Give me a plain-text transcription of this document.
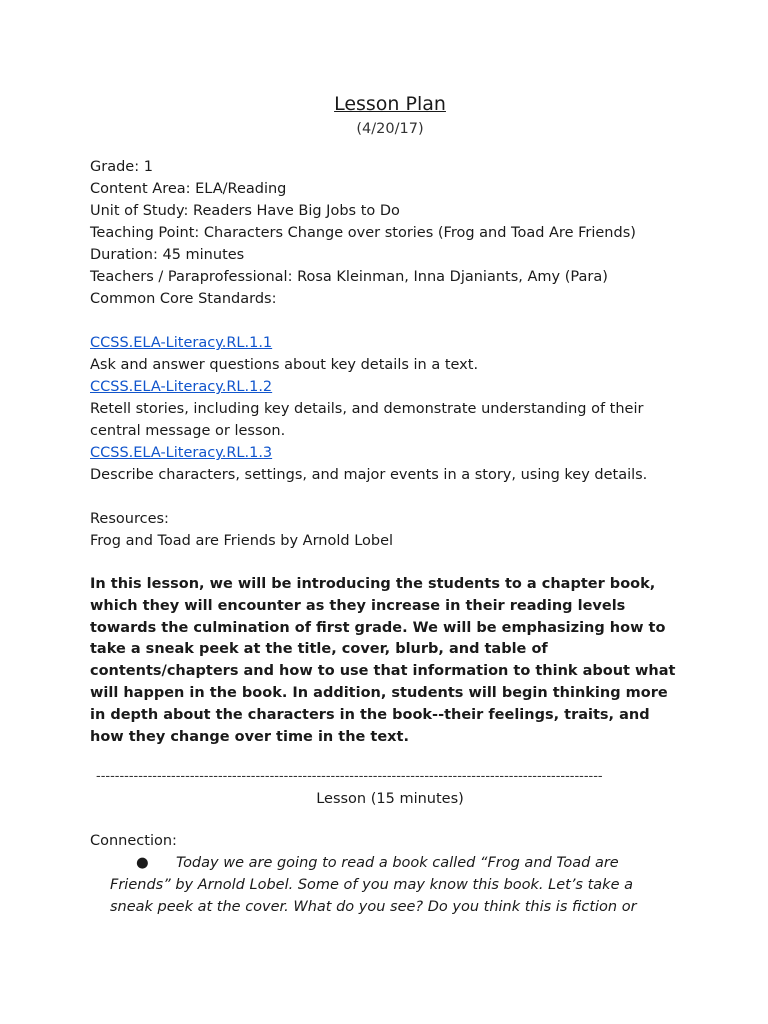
Lesson Plan

(4/20/17)

Grade: 1

Content Area: ELA/Reading

Unit of Study: Readers Have Big Jobs to Do

Teaching Point: Characters Change over stories (Frog and Toad Are Friends)

Duration: 45 minutes

Teachers / Paraprofessional: Rosa Kleinman, Inna Djaniants, Amy (Para)

Common Core Standards:

CCSS.ELA-Literacy.RL.1.1

Ask and answer questions about key details in a text.

CCSS.ELA-Literacy.RL.1.2

Retell stories, including key details, and demonstrate understanding of their central message or lesson.

CCSS.ELA-Literacy.RL.1.3

Describe characters, settings, and major events in a story, using key details.

Resources:

Frog and Toad are Friends by Arnold Lobel

In this lesson, we will be introducing the students to a chapter book, which they will encounter as they increase in their reading levels towards the culmination of first grade. We will be emphasizing how to take a sneak peek at the title, cover, blurb, and table of contents/chapters and how to use that information to think about what will happen in the book. In addition, students will begin thinking more in depth about the characters in the book--their feelings, traits, and how they change over time in the text.

------------------------------------------------------------------------------------------------------------

Lesson (15 minutes)

Connection:

● Today we are going to read a book called “Frog and Toad are Friends” by Arnold Lobel. Some of you may know this book. Let’s take a sneak peek at the cover. What do you see? Do you think this is fiction or
